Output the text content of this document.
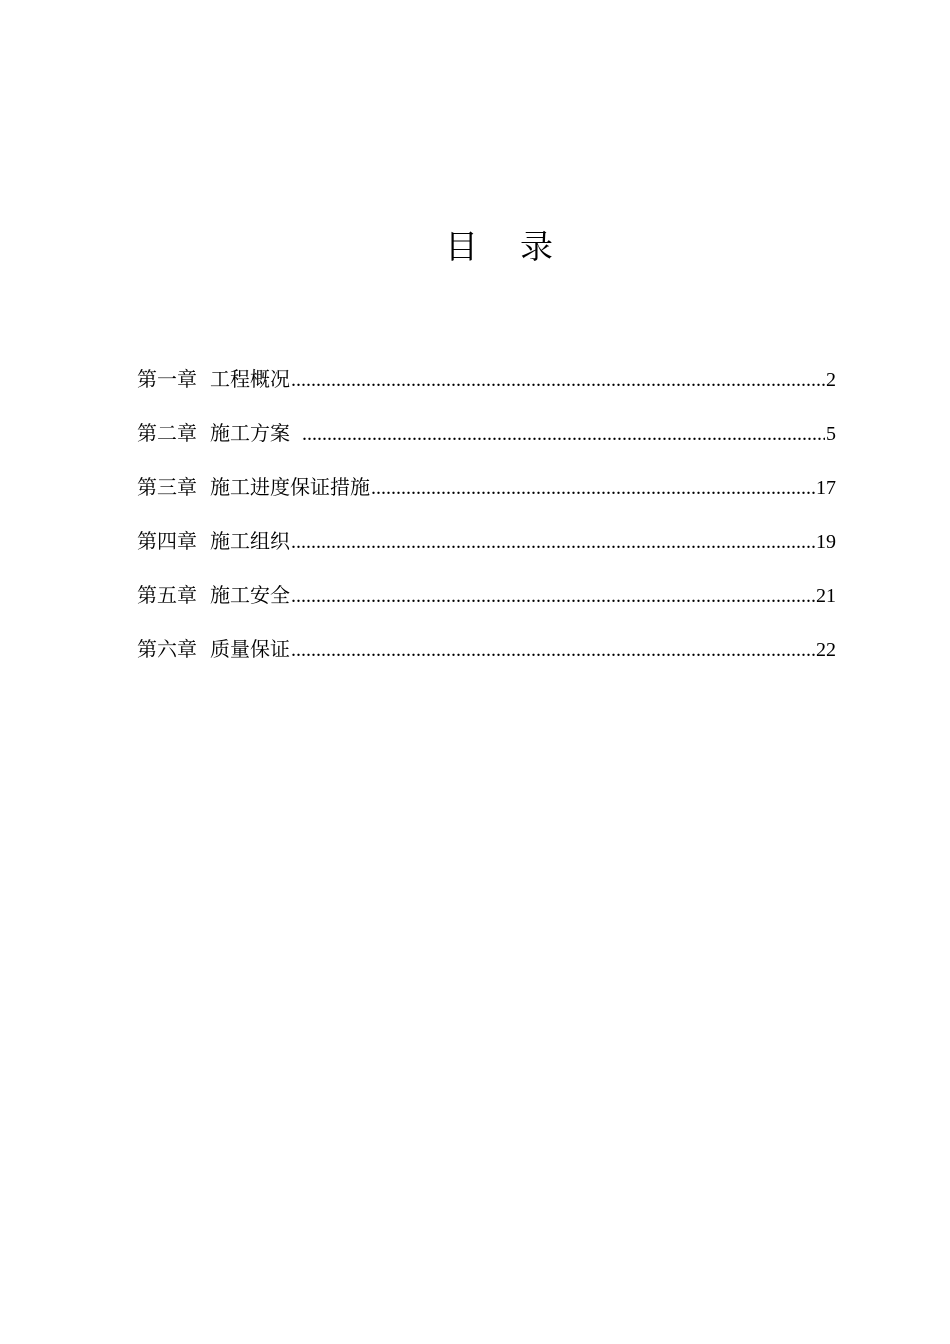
目 录
第一章 工程概况 .....	2
第二章 施工方案 .....	5
第三章 施工进度保证措施 .....	17
第四章 施工组织 .....	19
第五章 施工安全 .....	21
第六章 质量保证 .....	22
